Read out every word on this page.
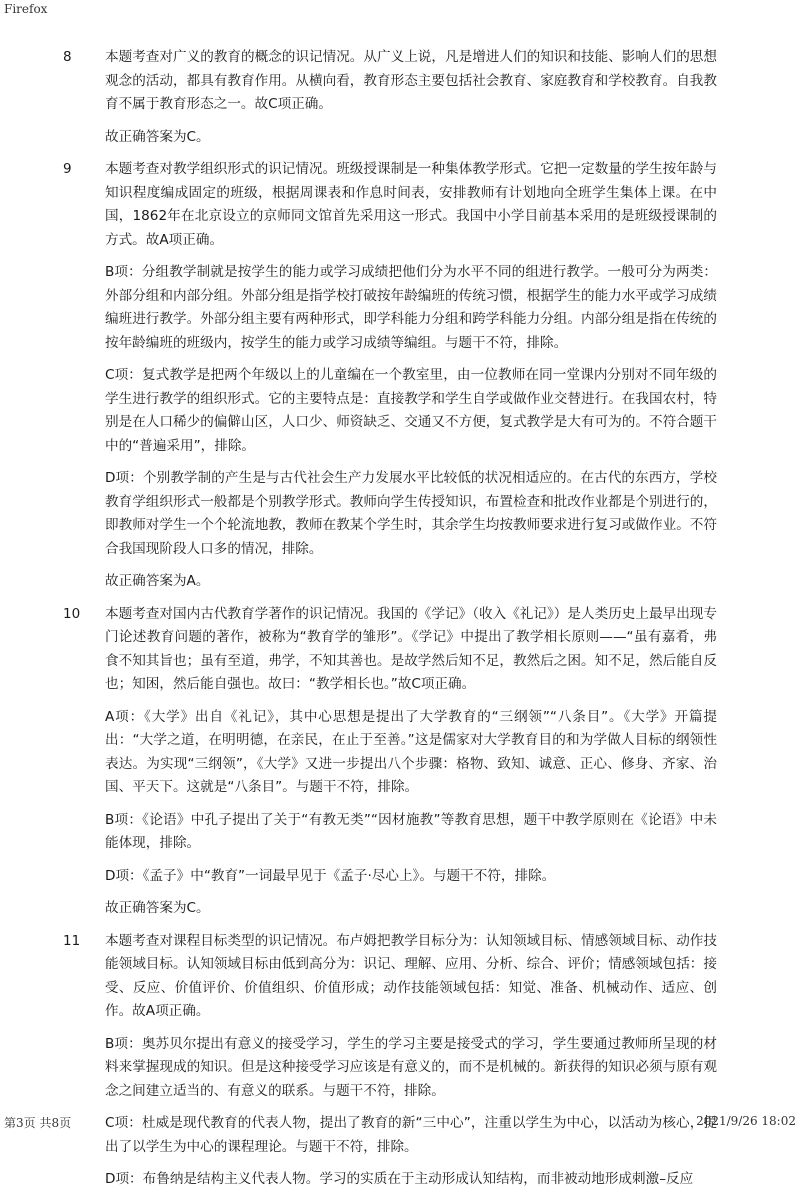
Firefox
8 本题考查对广义的教育的概念的识记情况。从广义上说，凡是增进人们的知识和技能、影响人们的思想观念的活动，都具有教育作用。从横向看，教育形态主要包括社会教育、家庭教育和学校教育。自我教育不属于教育形态之一。故C项正确。
故正确答案为C。
9 本题考查对教学组织形式的识记情况。班级授课制是一种集体教学形式。它把一定数量的学生按年龄与知识程度编成固定的班级，根据周课表和作息时间表，安排教师有计划地向全班学生集体上课。在中国，1862年在北京设立的京师同文馆首先采用这一形式。我国中小学目前基本采用的是班级授课制的方式。故A项正确。
B项：分组教学制就是按学生的能力或学习成绩把他们分为水平不同的组进行教学。一般可分为两类：外部分组和内部分组。外部分组是指学校打破按年龄编班的传统习惯，根据学生的能力水平或学习成绩编班进行教学。外部分组主要有两种形式，即学科能力分组和跨学科能力分组。内部分组是指在传统的按年龄编班的班级内，按学生的能力或学习成绩等编组。与题干不符，排除。
C项：复式教学是把两个年级以上的儿童编在一个教室里，由一位教师在同一堂课内分别对不同年级的学生进行教学的组织形式。它的主要特点是：直接教学和学生自学或做作业交替进行。在我国农村，特别是在人口稀少的偏僻山区，人口少、师资缺乏、交通又不方便，复式教学是大有可为的。不符合题干中的“普遍采用”，排除。
D项：个别教学制的产生是与古代社会生产力发展水平比较低的状况相适应的。在古代的东西方，学校教育学组织形式一般都是个别教学形式。教师向学生传授知识，布置检查和批改作业都是个别进行的，即教师对学生一个个轮流地教，教师在教某个学生时，其余学生均按教师要求进行复习或做作业。不符合我国现阶段人口多的情况，排除。
故正确答案为A。
10 本题考查对国内古代教育学著作的识记情况。我国的《学记》（收入《礼记》）是人类历史上最早出现专门论述教育问题的著作，被称为“教育学的雏形”。《学记》中提出了教学相长原则——“虽有嘉肴，弗食不知其旨也；虽有至道，弗学，不知其善也。是故学然后知不足，教然后之困。知不足，然后能自反也；知困，然后能自强也。故曰：“教学相长也。”故C项正确。
A项：《大学》出自《礼记》，其中心思想是提出了大学教育的“三纲领”“八条目”。《大学》开篇提出：“大学之道，在明明德，在亲民，在止于至善。”这是儒家对大学教育目的和为学做人目标的纲领性表达。为实现“三纲领”，《大学》又进一步提出八个步骤：格物、致知、诚意、正心、修身、齐家、治国、平天下。这就是“八条目”。与题干不符，排除。
B项：《论语》中孔子提出了关于“有教无类”“因材施教”等教育思想，题干中教学原则在《论语》中未能体现，排除。
D项：《孟子》中“教育”一词最早见于《孟子·尽心上》。与题干不符，排除。
故正确答案为C。
11 本题考查对课程目标类型的识记情况。布卢姆把教学目标分为：认知领域目标、情感领域目标、动作技能领域目标。认知领域目标由低到高分为：识记、理解、应用、分析、综合、评价；情感领域包括：接受、反应、价值评价、价值组织、价值形成；动作技能领域包括：知觉、准备、机械动作、适应、创作。故A项正确。
B项：奥苏贝尔提出有意义的接受学习，学生的学习主要是接受式的学习，学生要通过教师所呈现的材料来掌握现成的知识。但是这种接受学习应该是有意义的，而不是机械的。新获得的知识必须与原有观念之间建立适当的、有意义的联系。与题干不符，排除。
C项：杜威是现代教育的代表人物，提出了教育的新“三中心”，注重以学生为中心，以活动为核心，提出了以学生为中心的课程理论。与题干不符，排除。
D项：布鲁纳是结构主义代表人物。学习的实质在于主动形成认知结构，而非被动地形成刺激–反应
第3页 共8页	2021/9/26 18:02
